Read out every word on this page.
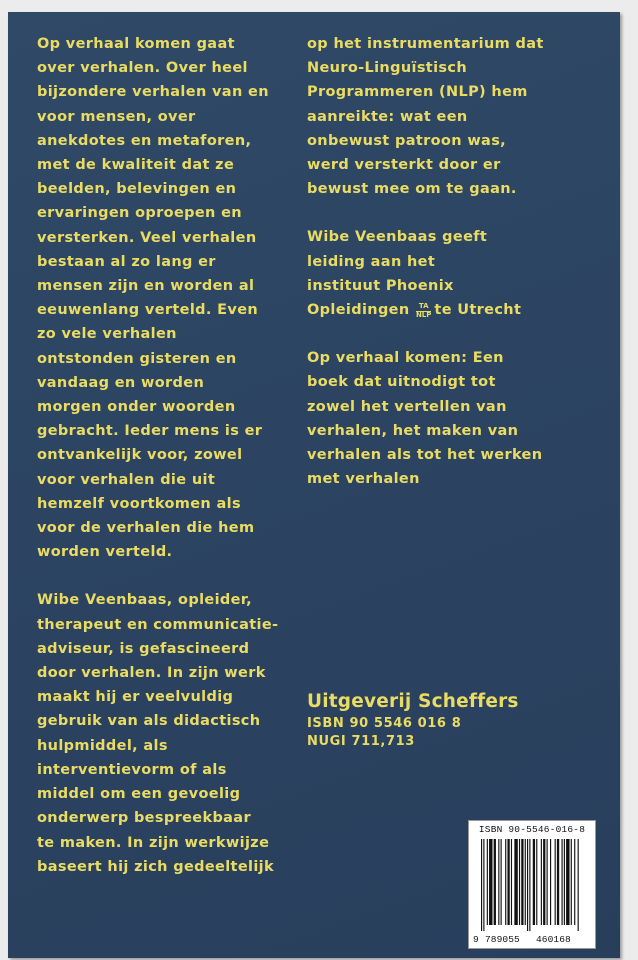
Op verhaal komen gaat
over verhalen. Over heel
bijzondere verhalen van en
voor mensen, over
anekdotes en metaforen,
met de kwaliteit dat ze
beelden, belevingen en
ervaringen oproepen en
versterken. Veel verhalen
bestaan al zo lang er
mensen zijn en worden al
eeuwenlang verteld. Even
zo vele verhalen
ontstonden gisteren en
vandaag en worden
morgen onder woorden
gebracht. Ieder mens is er
ontvankelijk voor, zowel
voor verhalen die uit
hemzelf voortkomen als
voor de verhalen die hem
worden verteld.

Wibe Veenbaas, opleider,
therapeut en communicatie-
adviseur, is gefascineerd
door verhalen. In zijn werk
maakt hij er veelvuldig
gebruik van als didactisch
hulpmiddel, als
interventievorm of als
middel om een gevoelig
onderwerp bespreekbaar
te maken. In zijn werkwijze
baseert hij zich gedeeltelijk

op het instrumentarium dat
Neuro-Linguïstisch
Programmeren (NLP) hem
aanreikte: wat een
onbewust patroon was,
werd versterkt door er
bewust mee om te gaan.

Wibe Veenbaas geeft
leiding aan het
instituut Phoenix
Opleidingen	TA
NLP te Utrecht

Op verhaal komen: Een
boek dat uitnodigt tot
zowel het vertellen van
verhalen, het maken van
verhalen als tot het werken
met verhalen

Uitgeverij Scheffers
ISBN 90 5546 016 8
NUGI 711,713
ISBN 90-5546-016-8
9 789055 460168
